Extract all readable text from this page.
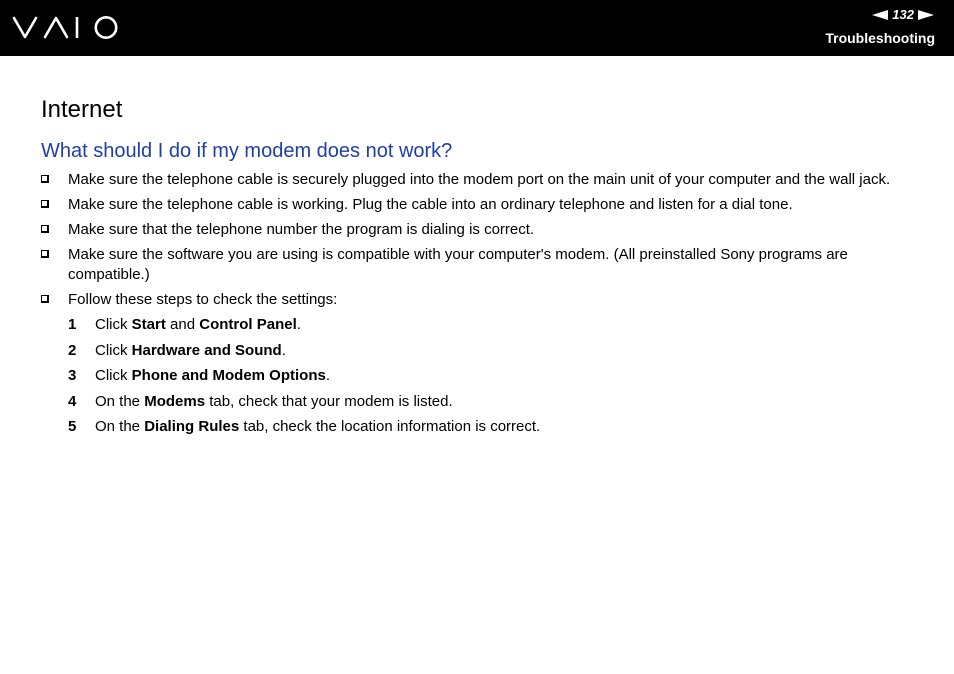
132
Troubleshooting
Internet
What should I do if my modem does not work?
Make sure the telephone cable is securely plugged into the modem port on the main unit of your computer and the wall jack.
Make sure the telephone cable is working. Plug the cable into an ordinary telephone and listen for a dial tone.
Make sure that the telephone number the program is dialing is correct.
Make sure the software you are using is compatible with your computer's modem. (All preinstalled Sony programs are compatible.)
Follow these steps to check the settings:
1 Click Start and Control Panel.
2 Click Hardware and Sound.
3 Click Phone and Modem Options.
4 On the Modems tab, check that your modem is listed.
5 On the Dialing Rules tab, check the location information is correct.
